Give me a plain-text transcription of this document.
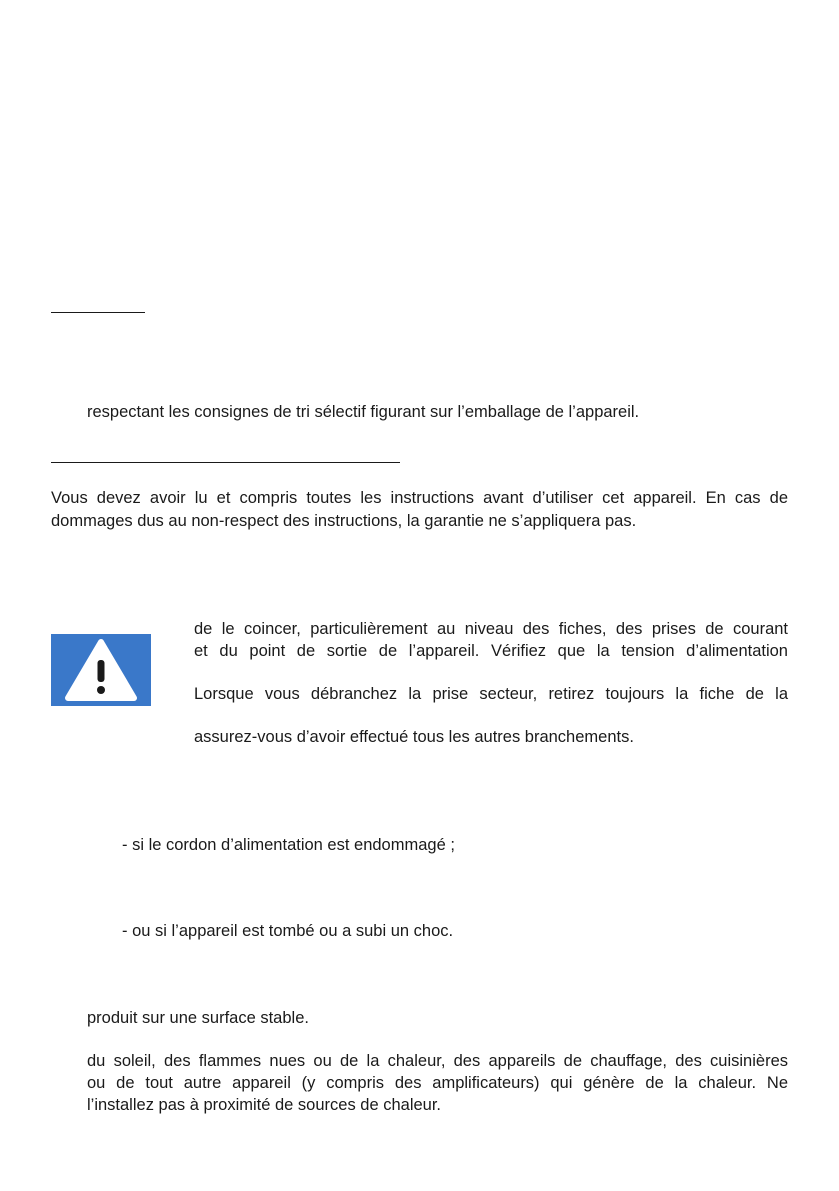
respectant les consignes de tri sélectif figurant sur l’emballage de l’appareil.
Vous devez avoir lu et compris toutes les instructions avant d’utiliser cet appareil. En cas de
dommages dus au non-respect des instructions, la garantie ne s’appliquera pas.
de le coincer, particulièrement au niveau des fiches, des prises de courant
et du point de sortie de l’appareil. Vérifiez que la tension d’alimentation
Lorsque vous débranchez la prise secteur, retirez toujours la fiche de la
assurez-vous d’avoir effectué tous les autres branchements.
- si le cordon d’alimentation est endommagé ;
- ou si l’appareil est tombé ou a subi un choc.
produit sur une surface stable.
du soleil, des flammes nues ou de la chaleur, des appareils de chauffage, des cuisinières
ou de tout autre appareil (y compris des amplificateurs) qui génère de la chaleur. Ne
l’installez pas à proximité de sources de chaleur.
